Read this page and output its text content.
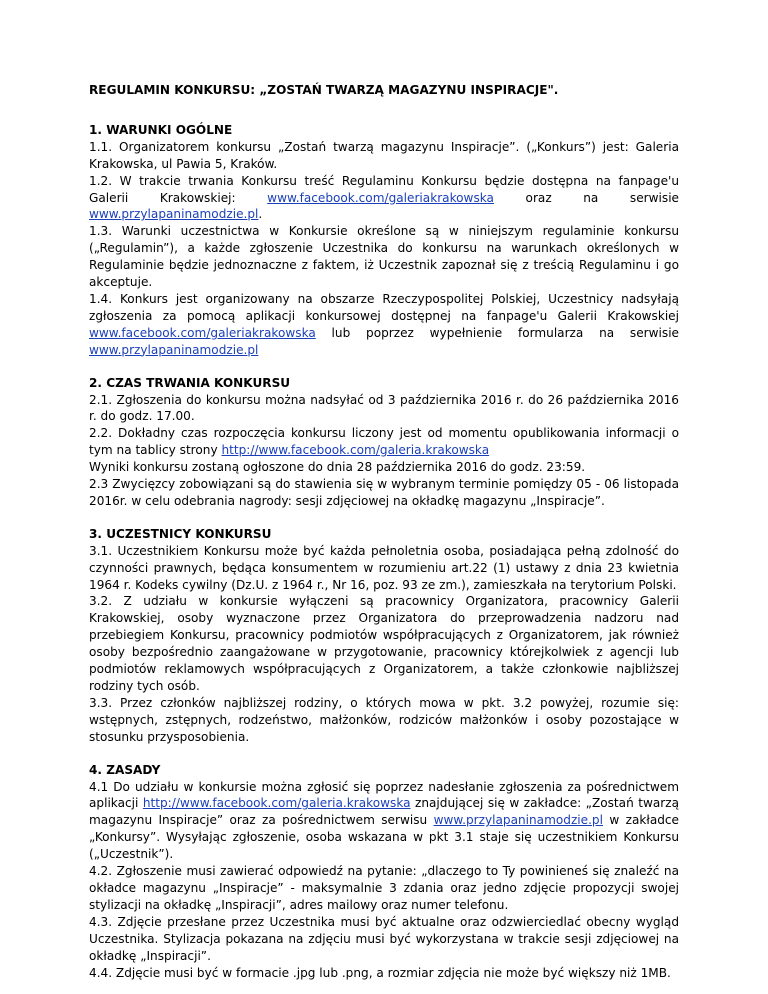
REGULAMIN KONKURSU: „ZOSTAŃ TWARZĄ MAGAZYNU INSPIRACJE".

1. WARUNKI OGÓLNE

1.1. Organizatorem konkursu „Zostań twarzą magazynu Inspiracje”. („Konkurs”) jest: Galeria Krakowska, ul Pawia 5, Kraków.

1.2. W trakcie trwania Konkursu treść Regulaminu Konkursu będzie dostępna na fanpage'u Galerii Krakowskiej: www.facebook.com/galeriakrakowska oraz na serwisie www.przylapaninamodzie.pl.

1.3. Warunki uczestnictwa w Konkursie określone są w niniejszym regulaminie konkursu („Regulamin”), a każde zgłoszenie Uczestnika do konkursu na warunkach określonych w Regulaminie będzie jednoznaczne z faktem, iż Uczestnik zapoznał się z treścią Regulaminu i go akceptuje.

1.4. Konkurs jest organizowany na obszarze Rzeczypospolitej Polskiej, Uczestnicy nadsyłają zgłoszenia za pomocą aplikacji konkursowej dostępnej na fanpage'u Galerii Krakowskiej www.facebook.com/galeriakrakowska lub poprzez wypełnienie formularza na serwisie www.przylapaninamodzie.pl

2. CZAS TRWANIA KONKURSU

2.1. Zgłoszenia do konkursu można nadsyłać od 3 października 2016 r. do 26 października 2016 r. do godz. 17.00.

2.2. Dokładny czas rozpoczęcia konkursu liczony jest od momentu opublikowania informacji o tym na tablicy strony http://www.facebook.com/galeria.krakowska

Wyniki konkursu zostaną ogłoszone do dnia 28 października 2016 do godz. 23:59.

2.3 Zwycięzcy zobowiązani są do stawienia się w wybranym terminie pomiędzy 05 - 06 listopada 2016r. w celu odebrania nagrody: sesji zdjęciowej na okładkę magazynu „Inspiracje”.

3. UCZESTNICY KONKURSU

3.1. Uczestnikiem Konkursu może być każda pełnoletnia osoba, posiadająca pełną zdolność do czynności prawnych, będąca konsumentem w rozumieniu art.22 (1) ustawy z dnia 23 kwietnia 1964 r. Kodeks cywilny (Dz.U. z 1964 r., Nr 16, poz. 93 ze zm.), zamieszkała na terytorium Polski.

3.2. Z udziału w konkursie wyłączeni są pracownicy Organizatora, pracownicy Galerii Krakowskiej, osoby wyznaczone przez Organizatora do przeprowadzenia nadzoru nad przebiegiem Konkursu, pracownicy podmiotów współpracujących z Organizatorem, jak również osoby bezpośrednio zaangażowane w przygotowanie, pracownicy którejkolwiek z agencji lub podmiotów reklamowych współpracujących z Organizatorem, a także członkowie najbliższej rodziny tych osób.

3.3. Przez członków najbliższej rodziny, o których mowa w pkt. 3.2 powyżej, rozumie się: wstępnych, zstępnych, rodzeństwo, małżonków, rodziców małżonków i osoby pozostające w stosunku przysposobienia.

4. ZASADY

4.1 Do udziału w konkursie można zgłosić się poprzez nadesłanie zgłoszenia za pośrednictwem aplikacji http://www.facebook.com/galeria.krakowska znajdującej się w zakładce: „Zostań twarzą magazynu Inspiracje” oraz za pośrednictwem serwisu www.przylapaninamodzie.pl w zakładce „Konkursy”. Wysyłając zgłoszenie, osoba wskazana w pkt 3.1 staje się uczestnikiem Konkursu („Uczestnik”).

4.2. Zgłoszenie musi zawierać odpowiedź na pytanie: „dlaczego to Ty powinieneś się znaleźć na okładce magazynu „Inspiracje” - maksymalnie 3 zdania oraz jedno zdjęcie propozycji swojej stylizacji na okładkę „Inspiracji”, adres mailowy oraz numer telefonu.

4.3. Zdjęcie przesłane przez Uczestnika musi być aktualne oraz odzwierciedlać obecny wygląd Uczestnika. Stylizacja pokazana na zdjęciu musi być wykorzystana w trakcie sesji zdjęciowej na okładkę „Inspiracji”.

4.4. Zdjęcie musi być w formacie .jpg lub .png, a rozmiar zdjęcia nie może być większy niż 1MB.
